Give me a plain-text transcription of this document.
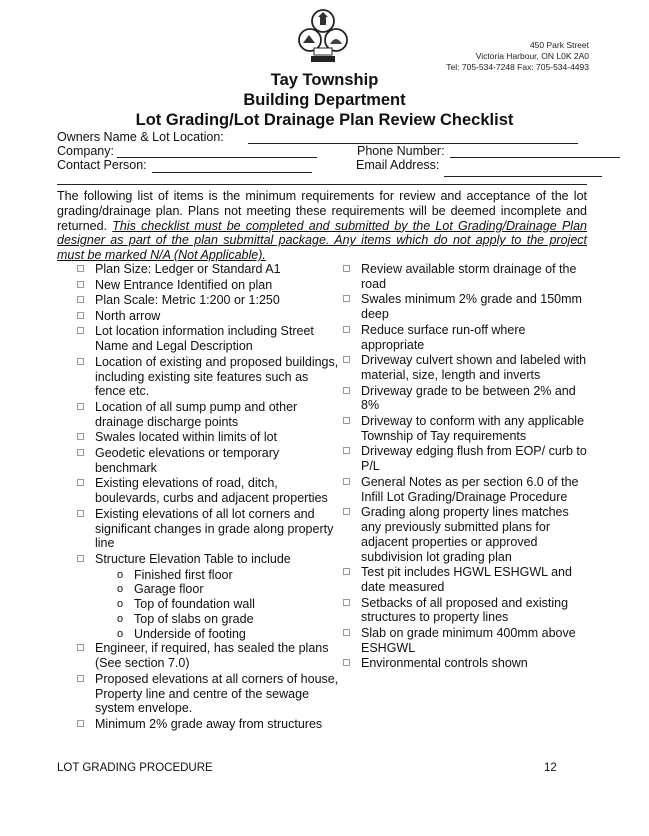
450 Park Street
Victoria Harbour, ON L0K 2A0
Tel: 705-534-7248 Fax: 705-534-4493
Tay Township
Building Department
Lot Grading/Lot Drainage Plan Review Checklist
Owners Name & Lot Location:
Company:	Phone Number:
Contact Person:	Email Address:
The following list of items is the minimum requirements for review and acceptance of the lot grading/drainage plan. Plans not meeting these requirements will be deemed incomplete and returned. This checklist must be completed and submitted by the Lot Grading/Drainage Plan designer as part of the plan submittal package. Any items which do not apply to the project must be marked N/A (Not Applicable).
Plan Size: Ledger or Standard A1
New Entrance Identified on plan
Plan Scale: Metric 1:200 or 1:250
North arrow
Lot location information including Street Name and Legal Description
Location of existing and proposed buildings, including existing site features such as fence etc.
Location of all sump pump and other drainage discharge points
Swales located within limits of lot
Geodetic elevations or temporary benchmark
Existing elevations of road, ditch, boulevards, curbs and adjacent properties
Existing elevations of all lot corners and significant changes in grade along property line
Structure Elevation Table to include
o Finished first floor
o Garage floor
o Top of foundation wall
o Top of slabs on grade
o Underside of footing
Engineer, if required, has sealed the plans (See section 7.0)
Proposed elevations at all corners of house, Property line and centre of the sewage system envelope.
Minimum 2% grade away from structures
Review available storm drainage of the road
Swales minimum 2% grade and 150mm deep
Reduce surface run-off where appropriate
Driveway culvert shown and labeled with material, size, length and inverts
Driveway grade to be between 2% and 8%
Driveway to conform with any applicable Township of Tay requirements
Driveway edging flush from EOP/ curb to P/L
General Notes as per section 6.0 of the Infill Lot Grading/Drainage Procedure
Grading along property lines matches any previously submitted plans for adjacent properties or approved subdivision lot grading plan
Test pit includes HGWL ESHGWL and date measured
Setbacks of all proposed and existing structures to property lines
Slab on grade minimum 400mm above ESHGWL
Environmental controls shown
LOT GRADING PROCEDURE	12
